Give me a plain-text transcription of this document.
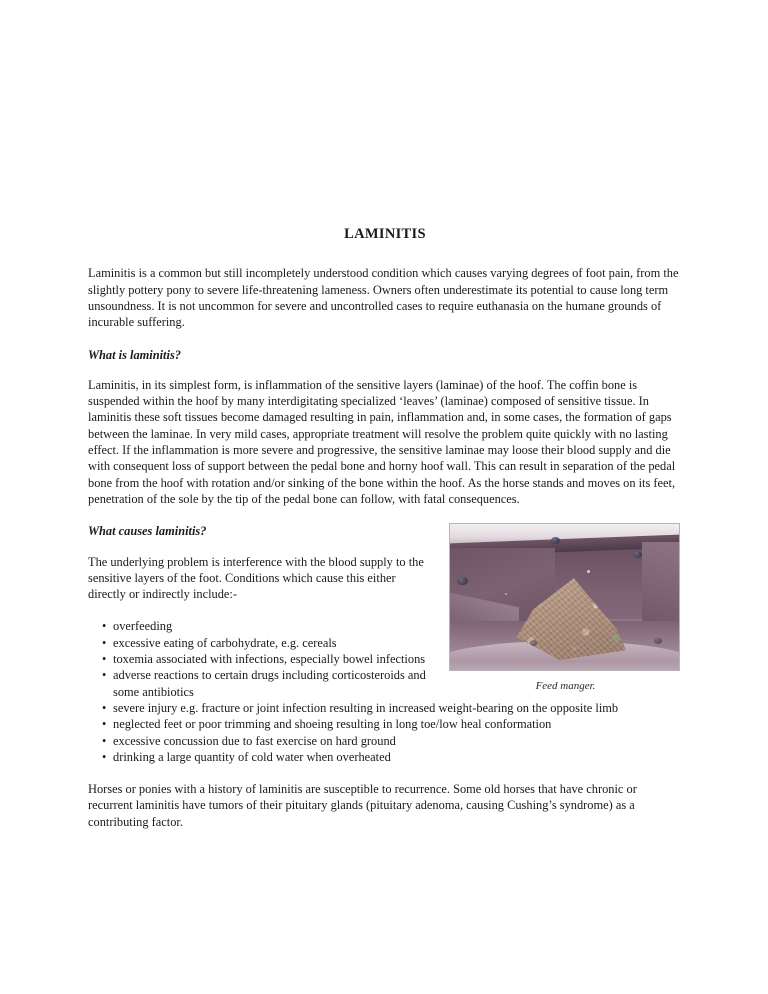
LAMINITIS

Laminitis is a common but still incompletely understood condition which causes varying degrees of foot pain, from the slightly pottery pony to severe life-threatening lameness. Owners often underestimate its potential to cause long term unsoundness. It is not uncommon for severe and uncontrolled cases to require euthanasia on the humane grounds of incurable suffering.

What is laminitis?

Laminitis, in its simplest form, is inflammation of the sensitive layers (laminae) of the hoof. The coffin bone is suspended within the hoof by many interdigitating specialized ‘leaves’ (laminae) composed of sensitive tissue. In laminitis these soft tissues become damaged resulting in pain, inflammation and, in some cases, the formation of gaps between the laminae. In very mild cases, appropriate treatment will resolve the problem quite quickly with no lasting effect. If the inflammation is more severe and progressive, the sensitive laminae may loose their blood supply and die with consequent loss of support between the pedal bone and horny hoof wall. This can result in separation of the pedal bone from the hoof with rotation and/or sinking of the bone within the hoof. As the horse stands and moves on its feet, penetration of the sole by the tip of the pedal bone can follow, with fatal consequences.

Feed manger.
What causes laminitis?

The underlying problem is interference with the blood supply to the sensitive layers of the foot. Conditions which cause this either directly or indirectly include:-

• overfeeding
• excessive eating of carbohydrate, e.g. cereals
• toxemia associated with infections, especially bowel infections
• adverse reactions to certain drugs including corticosteroids and some antibiotics
• severe injury e.g. fracture or joint infection resulting in increased weight-bearing on the opposite limb
• neglected feet or poor trimming and shoeing resulting in long toe/low heal conformation
• excessive concussion due to fast exercise on hard ground
• drinking a large quantity of cold water when overheated

Horses or ponies with a history of laminitis are susceptible to recurrence. Some old horses that have chronic or recurrent laminitis have tumors of their pituitary glands (pituitary adenoma, causing Cushing’s syndrome) as a contributing factor.
